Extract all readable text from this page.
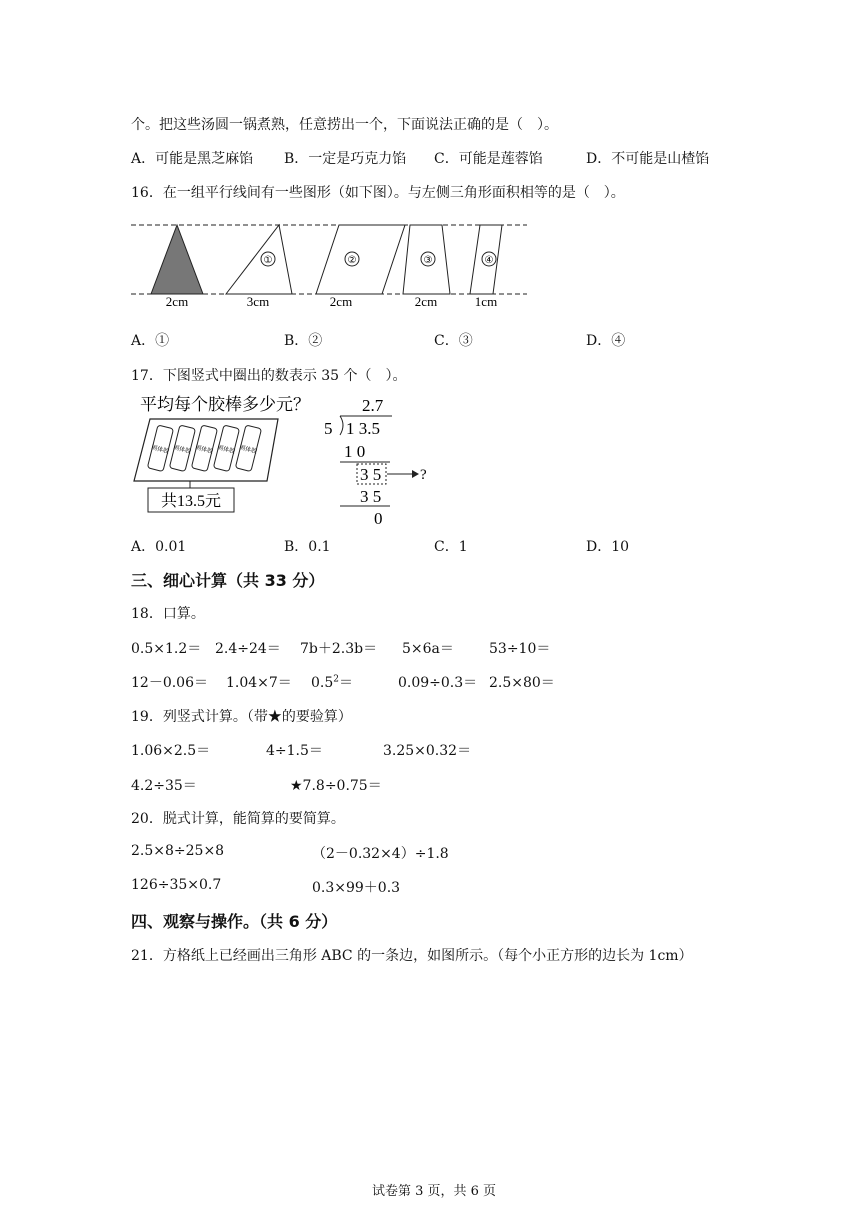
个。把这些汤圆一锅煮熟，任意捞出一个，下面说法正确的是（　）。
A．可能是黑芝麻馅 B．一定是巧克力馅 C．可能是莲蓉馅	D．不可能是山楂馅
16．在一组平行线间有一些图形（如下图）。与左侧三角形面积相等的是（　）。
①	②	③	④
2cm	3cm	2cm	2cm	1cm
A．①	B．②	C．③	D．④
17．下图竖式中圈出的数表示 35 个（　）。
平均每个胶棒多少元？
固体胶 固体胶 固体胶 固体胶 固体胶
共13.5元
2.7
5 1 3.5
1 0
3 5	?
3 5
0
A．0.01	B．0.1	C．1	D．10
三、细心计算（共 33 分）
18．口算。
0.5×1.2＝ 2.4÷24＝ 7b＋2.3b＝ 5×6a＝	53÷10＝
$12-0.06= 1.04\times 7= 0.5^2=$	0.09÷0.3＝ 2.5×80＝
19．列竖式计算。（带★的要验算）
1.06×2.5＝	4÷1.5＝	3.25×0.32＝
4.2÷35＝	★7.8÷0.75＝
20．脱式计算，能简算的要简算。
2.5×8÷25×8	（2－0.32×4）÷1.8
126÷35×0.7	0.3×99＋0.3
四、观察与操作。（共 6 分）
21．方格纸上已经画出三角形 ABC 的一条边，如图所示。（每个小正方形的边长为 1cm）
试卷第 3 页，共 6 页
